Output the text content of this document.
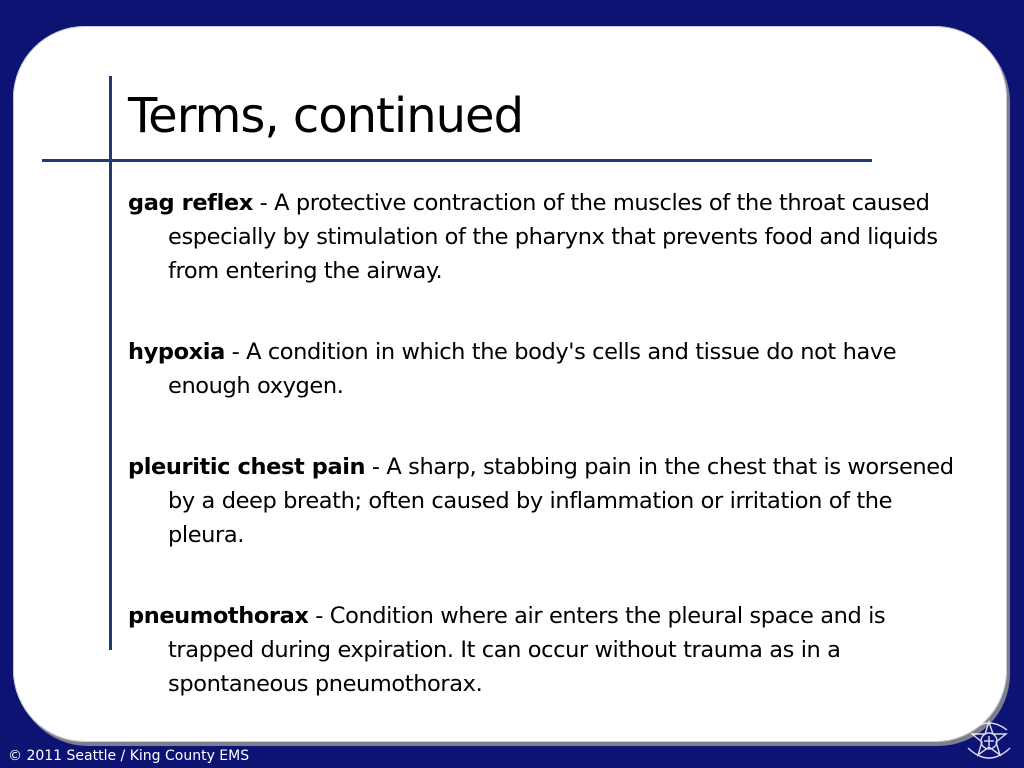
Terms, continued
gag reflex - A protective contraction of the muscles of the throat caused especially by stimulation of the pharynx that prevents food and liquids from entering the airway.
hypoxia - A condition in which the body's cells and tissue do not have enough oxygen.
pleuritic chest pain - A sharp, stabbing pain in the chest that is worsened by a deep breath; often caused by inflammation or irritation of the pleura.
pneumothorax - Condition where air enters the pleural space and is trapped during expiration. It can occur without trauma as in a spontaneous pneumothorax.
© 2011 Seattle / King County EMS
